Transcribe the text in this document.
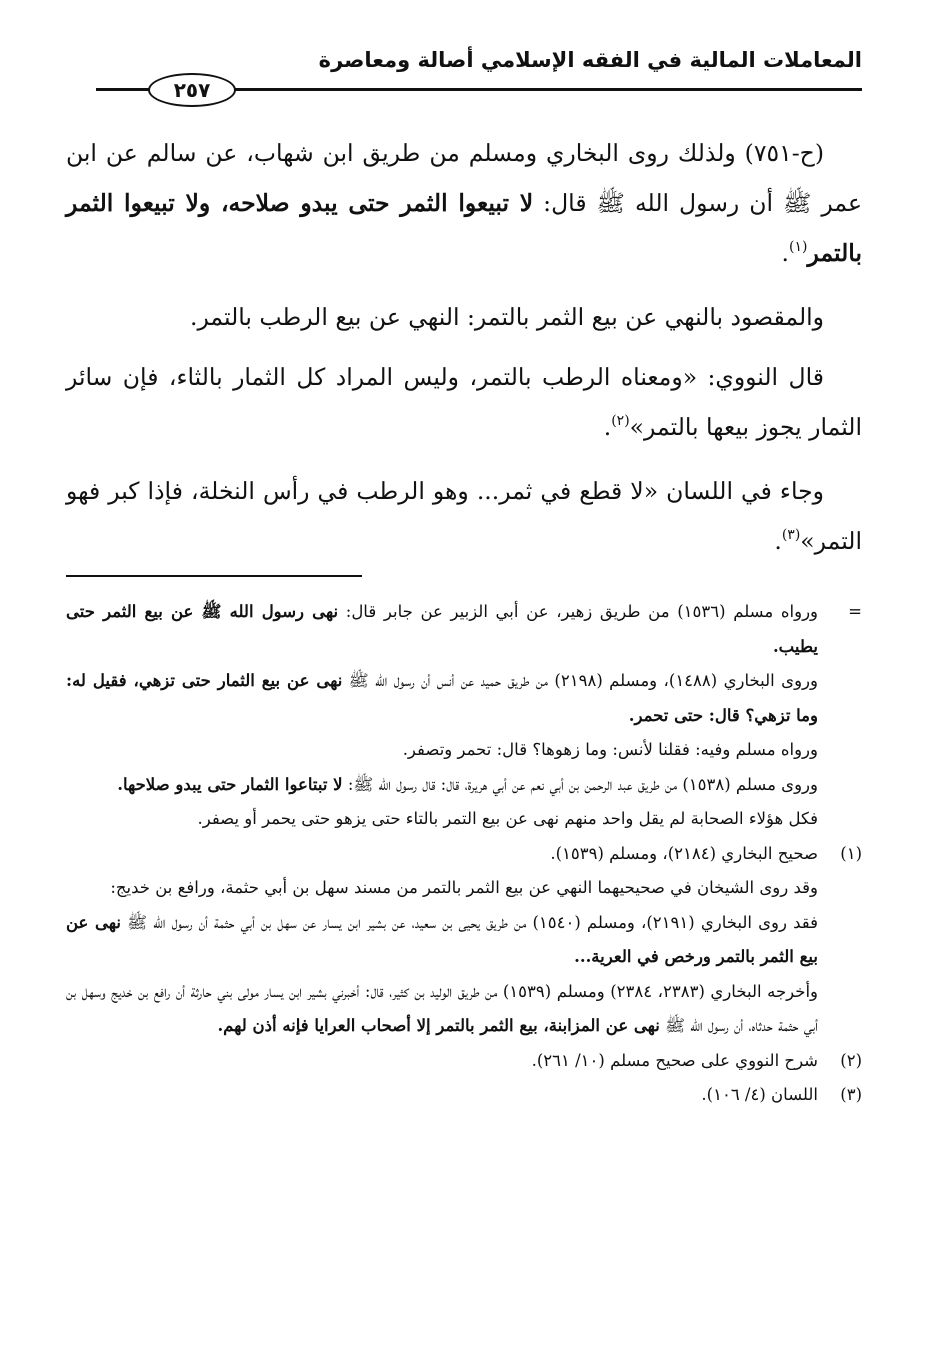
المعاملات المالية في الفقه الإسلامي أصالة ومعاصرة
٢٥٧

(ح-٧٥١) ولذلك روى البخاري ومسلم من طريق ابن شهاب، عن سالم عن ابن عمر ﷺ أن رسول الله ﷺ قال: لا تبيعوا الثمر حتى يبدو صلاحه، ولا تبيعوا الثمر بالتمر$^{(١)}$.

والمقصود بالنهي عن بيع الثمر بالتمر: النهي عن بيع الرطب بالتمر.

قال النووي: «ومعناه الرطب بالتمر، وليس المراد كل الثمار بالثاء، فإن سائر الثمار يجوز بيعها بالتمر»$^{(٢)}$.

وجاء في اللسان «لا قطع في ثمر... وهو الرطب في رأس النخلة، فإذا كبر فهو التمر»$^{(٣)}$.

=
ورواه مسلم (١٥٣٦) من طريق زهير، عن أبي الزبير عن جابر قال: نهى رسول الله ﷺ عن بيع الثمر حتى يطيب.

وروى البخاري (١٤٨٨)، ومسلم (٢١٩٨) من طريق حميد عن أنس أن رسول الله ﷺ نهى عن بيع الثمار حتى تزهي، فقيل له: وما تزهي؟ قال: حتى تحمر.

ورواه مسلم وفيه: فقلنا لأنس: وما زهوها؟ قال: تحمر وتصفر.

وروى مسلم (١٥٣٨) من طريق عبد الرحمن بن أبي نعم عن أبي هريرة، قال: قال رسول الله ﷺ: لا تبتاعوا الثمار حتى يبدو صلاحها.

فكل هؤلاء الصحابة لم يقل واحد منهم نهى عن بيع التمر بالتاء حتى يزهو حتى يحمر أو يصفر.

(١)
صحيح البخاري (٢١٨٤)، ومسلم (١٥٣٩).

وقد روى الشيخان في صحيحيهما النهي عن بيع الثمر بالتمر من مسند سهل بن أبي حثمة، ورافع بن خديج:

فقد روى البخاري (٢١٩١)، ومسلم (١٥٤٠) من طريق يحيى بن سعيد، عن بشير ابن يسار عن سهل بن أبي حثمة أن رسول الله ﷺ نهى عن بيع الثمر بالتمر ورخص في العرية...

وأخرجه البخاري (٢٣٨٣، ٢٣٨٤) ومسلم (١٥٣٩) من طريق الوليد بن كثير، قال: أخبرني بشير ابن يسار مولى بني حارثة أن رافع بن خديج وسهل بن أبي حثمة حدثاه، أن رسول الله ﷺ نهى عن المزابنة، بيع الثمر بالتمر إلا أصحاب العرايا فإنه أذن لهم.

(٢)
شرح النووي على صحيح مسلم (١٠/ ٢٦١).

(٣)
اللسان (٤/ ١٠٦).
